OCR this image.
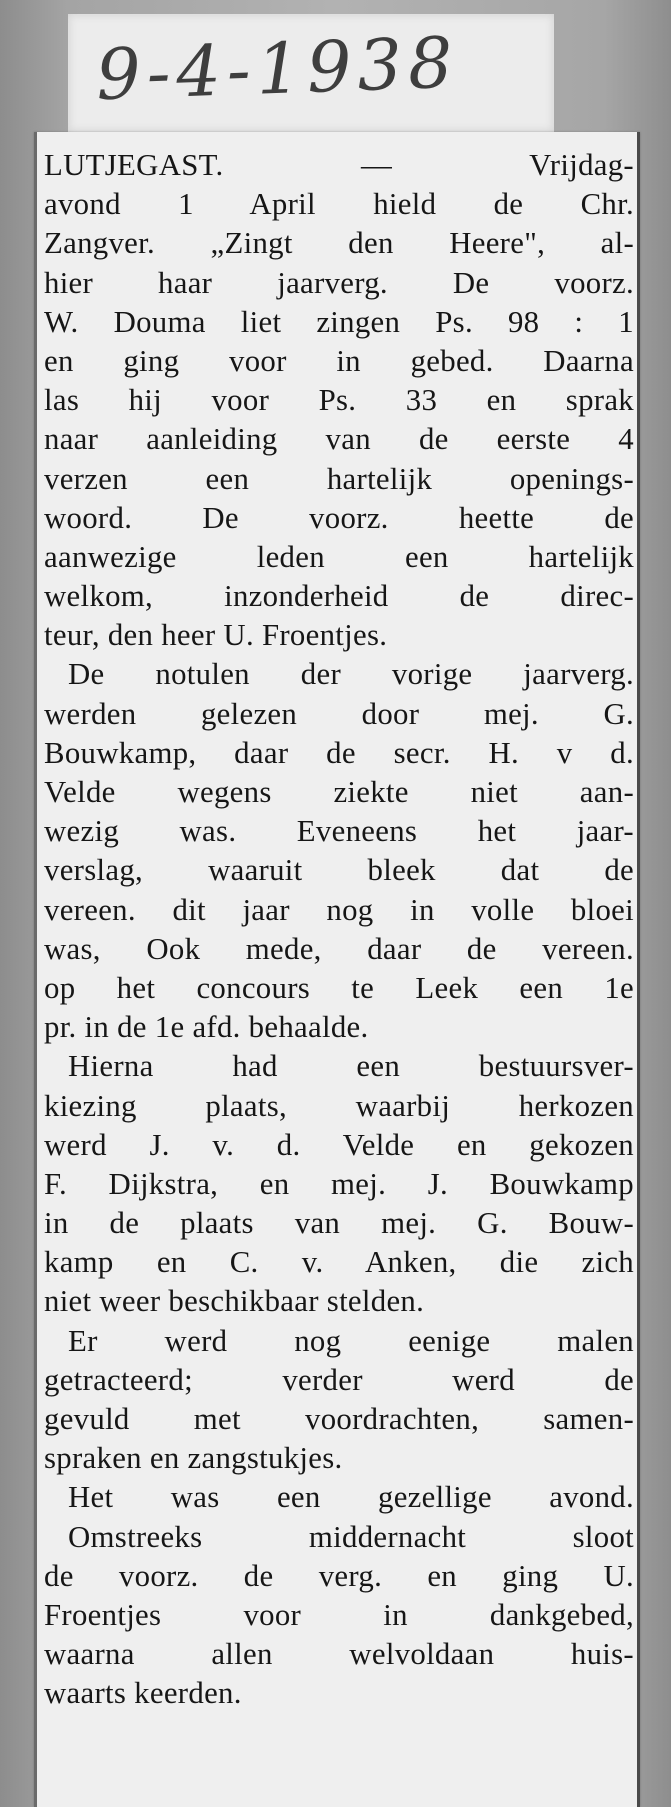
9-4-1938
LUTJEGAST. — Vrijdag-
avond 1 April hield de Chr.
Zangver. „Zingt den Heere", al-
hier haar jaarverg. De voorz.
W. Douma liet zingen Ps. 98 : 1
en ging voor in gebed. Daarna
las hij voor Ps. 33 en sprak
naar aanleiding van de eerste 4
verzen een hartelijk openings-
woord. De voorz. heette de
aanwezige leden een hartelijk
welkom, inzonderheid de direc-
teur, den heer U. Froentjes.
De notulen der vorige jaarverg.
werden gelezen door mej. G.
Bouwkamp, daar de secr. H. v d.
Velde wegens ziekte niet aan-
wezig was. Eveneens het jaar-
verslag, waaruit bleek dat de
vereen. dit jaar nog in volle bloei
was, Ook mede, daar de vereen.
op het concours te Leek een 1e
pr. in de 1e afd. behaalde.
Hierna had een bestuursver-
kiezing plaats, waarbij herkozen
werd J. v. d. Velde en gekozen
F. Dijkstra, en mej. J. Bouwkamp
in de plaats van mej. G. Bouw-
kamp en C. v. Anken, die zich
niet weer beschikbaar stelden.
Er werd nog eenige malen
getracteerd; verder werd de
gevuld met voordrachten, samen-
spraken en zangstukjes.
Het was een gezellige avond.
Omstreeks middernacht sloot
de voorz. de verg. en ging U.
Froentjes voor in dankgebed,
waarna allen welvoldaan huis-
waarts keerden.
